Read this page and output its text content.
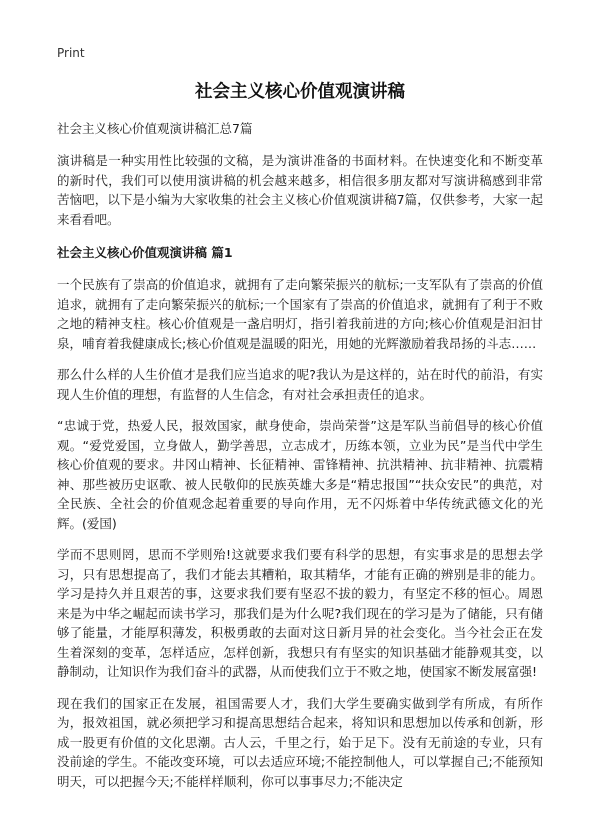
Print
社会主义核心价值观演讲稿

社会主义核心价值观演讲稿汇总7篇

演讲稿是一种实用性比较强的文稿，是为演讲准备的书面材料。在快速变化和不断变革的新时代，我们可以使用演讲稿的机会越来越多，相信很多朋友都对写演讲稿感到非常苦恼吧，以下是小编为大家收集的社会主义核心价值观演讲稿7篇，仅供参考，大家一起来看看吧。

社会主义核心价值观演讲稿 篇1

一个民族有了崇高的价值追求，就拥有了走向繁荣振兴的航标;一支军队有了崇高的价值追求，就拥有了走向繁荣振兴的航标;一个国家有了崇高的价值追求，就拥有了利于不败之地的精神支柱。核心价值观是一盏启明灯，指引着我前进的方向;核心价值观是汩汩甘泉，哺育着我健康成长;核心价值观是温暖的阳光，用她的光辉激励着我昂扬的斗志……

那么什么样的人生价值才是我们应当追求的呢?我认为是这样的，站在时代的前沿，有实现人生价值的理想，有监督的人生信念，有对社会承担责任的追求。

“忠诚于党，热爱人民，报效国家，献身使命，崇尚荣誉”这是军队当前倡导的核心价值观。“爱党爱国，立身做人，勤学善思，立志成才，历练本领，立业为民”是当代中学生核心价值观的要求。井冈山精神、长征精神、雷锋精神、抗洪精神、抗非精神、抗震精神、那些被历史讴歌、被人民敬仰的民族英雄大多是“精忠报国”“扶众安民”的典范，对全民族、全社会的价值观念起着重要的导向作用，无不闪烁着中华传统武德文化的光辉。(爱国)

学而不思则罔，思而不学则殆!这就要求我们要有科学的思想，有实事求是的思想去学习，只有思想提高了，我们才能去其糟粕，取其精华，才能有正确的辨别是非的能力。学习是持久并且艰苦的事，这要求我们要有坚忍不拔的毅力，有坚定不移的恒心。周恩来是为中华之崛起而读书学习，那我们是为什么呢?我们现在的学习是为了储能，只有储够了能量，才能厚积薄发，积极勇敢的去面对这日新月异的社会变化。当今社会正在发生着深刻的变革，怎样适应，怎样创新，我想只有有坚实的知识基础才能静观其变，以静制动，让知识作为我们奋斗的武器，从而使我们立于不败之地，使国家不断发展富强!

现在我们的国家正在发展，祖国需要人才，我们大学生要确实做到学有所成，有所作为，报效祖国，就必须把学习和提高思想结合起来，将知识和思想加以传承和创新，形成一股更有价值的文化思潮。古人云，千里之行，始于足下。没有无前途的专业，只有没前途的学生。不能改变环境，可以去适应环境;不能控制他人，可以掌握自己;不能预知明天，可以把握今天;不能样样顺利，你可以事事尽力;不能决定
